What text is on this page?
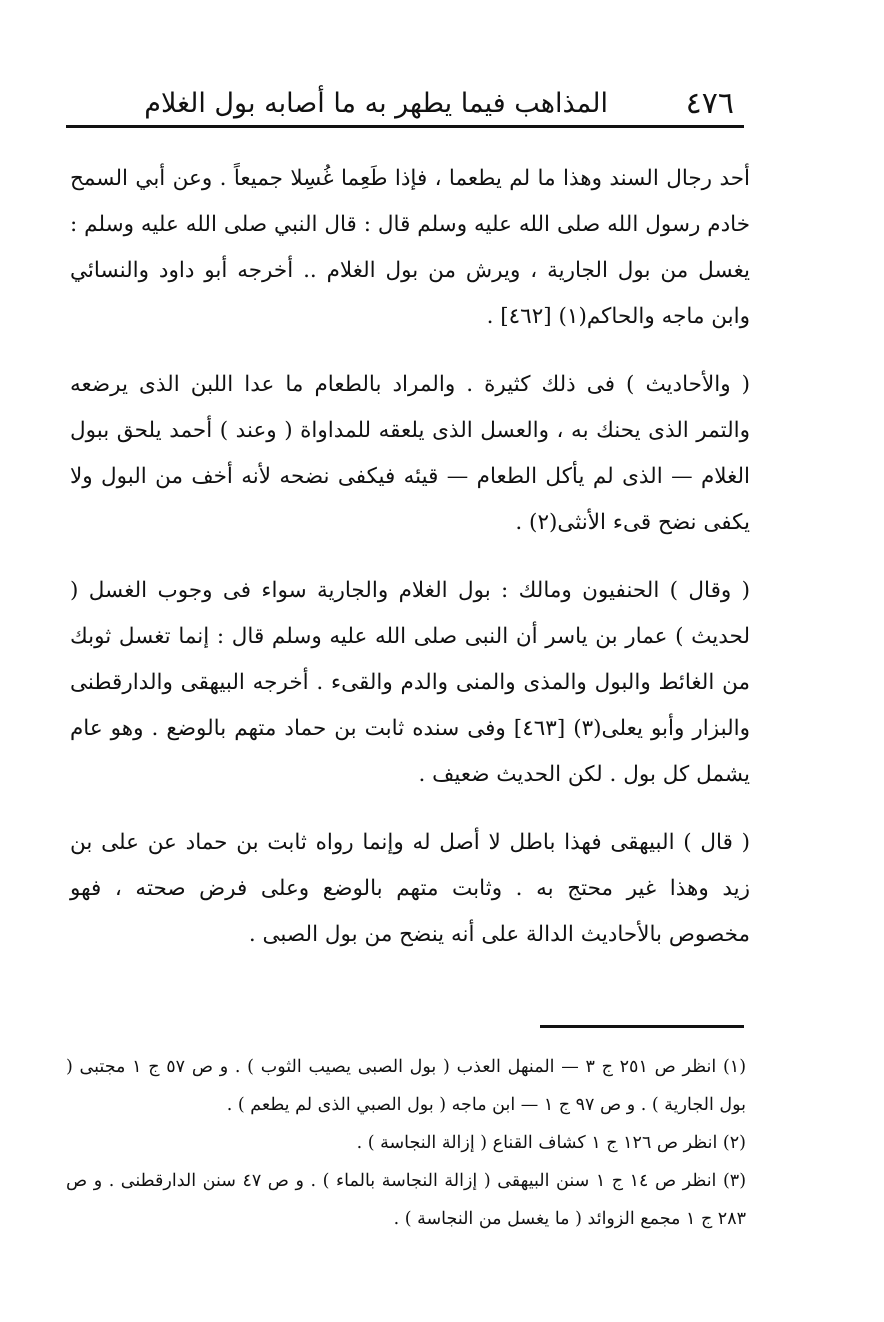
٤٧٦
المذاهب فيما يطهر به ما أصابه بول الغلام

أحد رجال السند وهذا ما لم يطعما ، فإذا طَعِما غُسِلا جميعاً . وعن أبي السمح خادم رسول الله صلى الله عليه وسلم قال : قال النبي صلى الله عليه وسلم : يغسل من بول الجارية ، ويرش من بول الغلام .. أخرجه أبو داود والنسائي وابن ماجه والحاكم(١) [٤٦٢] .

( والأحاديث ) فى ذلك كثيرة . والمراد بالطعام ما عدا اللبن الذى يرضعه والتمر الذى يحنك به ، والعسل الذى يلعقه للمداواة ( وعند ) أحمد يلحق ببول الغلام — الذى لم يأكل الطعام — قيئه فيكفى نضحه لأنه أخف من البول ولا يكفى نضح قىء الأنثى(٢) .

( وقال ) الحنفيون ومالك : بول الغلام والجارية سواء فى وجوب الغسل ( لحديث ) عمار بن ياسر أن النبى صلى الله عليه وسلم قال : إنما تغسل ثوبك من الغائط والبول والمذى والمنى والدم والقىء . أخرجه البيهقى والدارقطنى والبزار وأبو يعلى(٣) [٤٦٣] وفى سنده ثابت بن حماد متهم بالوضع . وهو عام يشمل كل بول . لكن الحديث ضعيف .

( قال ) البيهقى فهذا باطل لا أصل له وإنما رواه ثابت بن حماد عن على بن زيد وهذا غير محتج به . وثابت متهم بالوضع وعلى فرض صحته ، فهو مخصوص بالأحاديث الدالة على أنه ينضح من بول الصبى .

(١) انظر ص ٢٥١ ج ٣ — المنهل العذب ( بول الصبى يصيب الثوب ) . و ص ٥٧ ج ١ مجتبى ( بول الجارية ) . و ص ٩٧ ج ١ — ابن ماجه ( بول الصبي الذى لم يطعم ) .

(٢) انظر ص ١٢٦ ج ١ كشاف القناع ( إزالة النجاسة ) .

(٣) انظر ص ١٤ ج ١ سنن البيهقى ( إزالة النجاسة بالماء ) . و ص ٤٧ سنن الدارقطنى . و ص ٢٨٣ ج ١ مجمع الزوائد ( ما يغسل من النجاسة ) .
